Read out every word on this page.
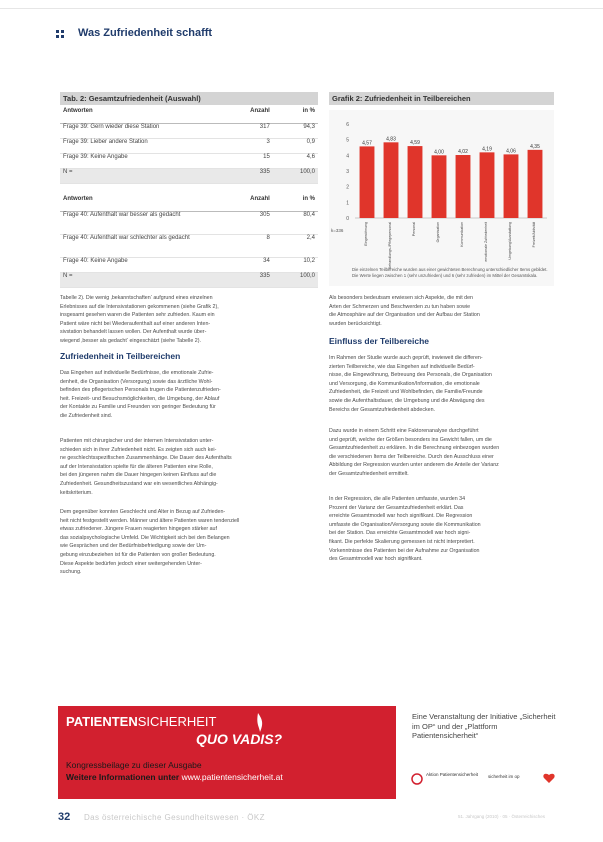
Was Zufriedenheit schafft
Tab. 2: Gesamtzufriedenheit (Auswahl)
Antworten	Anzahl	in %
Frage 39: Gern wieder diese Station	317	94,3
Frage 39: Lieber andere Station	3	0,9
Frage 39: Keine Angabe	15	4,6
N =	335	100,0
Antworten	Anzahl	in %
Frage 40: Aufenthalt war besser als gedacht	305	80,4
Frage 40: Aufenthalt war schlechter als gedacht	8	2,4
Frage 40: Keine Angabe	34	10,2
N =	335	100,0
Grafik 2: Zufriedenheit in Teilbereichen
6
5
4
3
2
1
0
k=336
4,57
Eingewöhnung
4,83
Behandlungs-/Pflegepersonal
4,59
Personal
4,00
Organisation
4,02
Kommunikation
4,19
emotionale Zufriedenheit
4,06
Umgebung/Ausstattung
4,35
Freizeit/Aktivität
Die einzelnen Teilbereiche wurden aus einer gewichteten Berechnung unterschiedlicher Items gebildet. Die Werte liegen zwischen 1 (sehr unzufrieden) und 6 (sehr zufrieden) im Mittel der Gesamtskala.
Tabelle 2). Die wenig ‚bekanntschaften‘ aufgrund eines einzelnen
Erlebnisses auf die Intensivstationen gekommenen (siehe Grafik 2),
insgesamt gesehen waren die Patienten sehr zufrieden. Kaum ein
Patient wäre nicht bei Wiederaufenthalt auf einer anderen Inten-
sivstation behandelt lassen wollen. Der Aufenthalt wurde über-
wiegend ‚besser als gedacht‘ eingeschätzt (siehe Tabelle 2).
Zufriedenheit in Teilbereichen
Das Eingehen auf individuelle Bedürfnisse, die emotionale Zufrie-
denheit, die Organisation (Versorgung) sowie das ärztliche Wohl-
befinden des pflegerischen Personals trugen die Patientenzufrieden-
heit. Freizeit- und Besuchsmöglichkeiten, die Umgebung, der Ablauf
der Kontakte zu Familie und Freunden von geringer Bedeutung für
die Zufriedenheit sind.
Patienten mit chirurgischer und der internen Intensivstation unter-
schieden sich in ihrer Zufriedenheit nicht. Es zeigten sich auch kei-
ne geschlechtsspezifischen Zusammenhänge. Die Dauer des Aufenthalts
auf der Intensivstation spielte für die älteren Patienten eine Rolle,
bei den jüngeren nahm die Dauer hingegen keinen Einfluss auf die
Zufriedenheit. Gesundheitszustand war ein wesentliches Abhängig-
keitskriterium.
Dem gegenüber konnten Geschlecht und Alter in Bezug auf Zufrieden-
heit nicht festgestellt werden. Männer und ältere Patienten waren tendenziell
etwas zufriedener. Jüngere Frauen reagierten hingegen stärker auf
das sozialpsychologische Umfeld. Die Wichtigkeit sich bei den Belangen
wie Gesprächen und der Bedürfnisbefriedigung sowie der Um-
gebung einzubeziehen ist für die Patienten von großer Bedeutung.
Diese Aspekte bedürfen jedoch einer weitergehenden Unter-
suchung.
Als besonders bedeutsam erwiesen sich Aspekte, die mit den
Arten der Schmerzen und Beschwerden zu tun haben sowie
die Atmosphäre auf der Organisation und der Aufbau der Station
wurden berücksichtigt.
Einfluss der Teilbereiche
Im Rahmen der Studie wurde auch geprüft, inwieweit die differen-
zierten Teilbereiche, wie das Eingehen auf individuelle Bedürf-
nisse, die Eingewöhnung, Betreuung des Personals, die Organisation
und Versorgung, die Kommunikation/Information, die emotionale
Zufriedenheit, die Freizeit und Wohlbefinden, die Familie/Freunde
sowie die Aufenthaltsdauer, die Umgebung und die Abwägung des
Bereichs der Gesamtzufriedenheit abdecken.
Dazu wurde in einem Schritt eine Faktorenanalyse durchgeführt
und geprüft, welche der Größen besonders ins Gewicht fallen, um die
Gesamtzufriedenheit zu erklären. In die Berechnung einbezogen wurden
die verschiedenen Items der Teilbereiche. Durch den Ausschluss einer
Abbildung der Regression wurden unter anderem die Anteile der Varianz
der Gesamtzufriedenheit ermittelt.
In der Regression, die alle Patienten umfasste, wurden 34
Prozent der Varianz der Gesamtzufriedenheit erklärt. Das
erreichte Gesamtmodell war hoch signifikant. Die Regression
umfasste die Organisation/Versorgung sowie die Kommunikation
bei der Station. Das erreichte Gesamtmodell war hoch signi-
fikant. Die perfekte Skalierung gemessen ist nicht interpretiert.
Vorkenntnisse des Patienten bei der Aufnahme zur Organisation
des Gesamtmodell war hoch signifikant.
PATIENTENSICHERHEIT
QUO VADIS?
Kongressbeilage zu dieser Ausgabe
Weitere Informationen unter www.patientensicherheit.at
Eine Veranstaltung der Initiative „Sicherheit im OP“ und der „Plattform Patientensicherheit“
Aktion Patientensicherheit	sicherheit im op
32 Das österreichische Gesundheitswesen · ÖKZ	51. Jahrgang (2010) · 05 · Österreichisches
